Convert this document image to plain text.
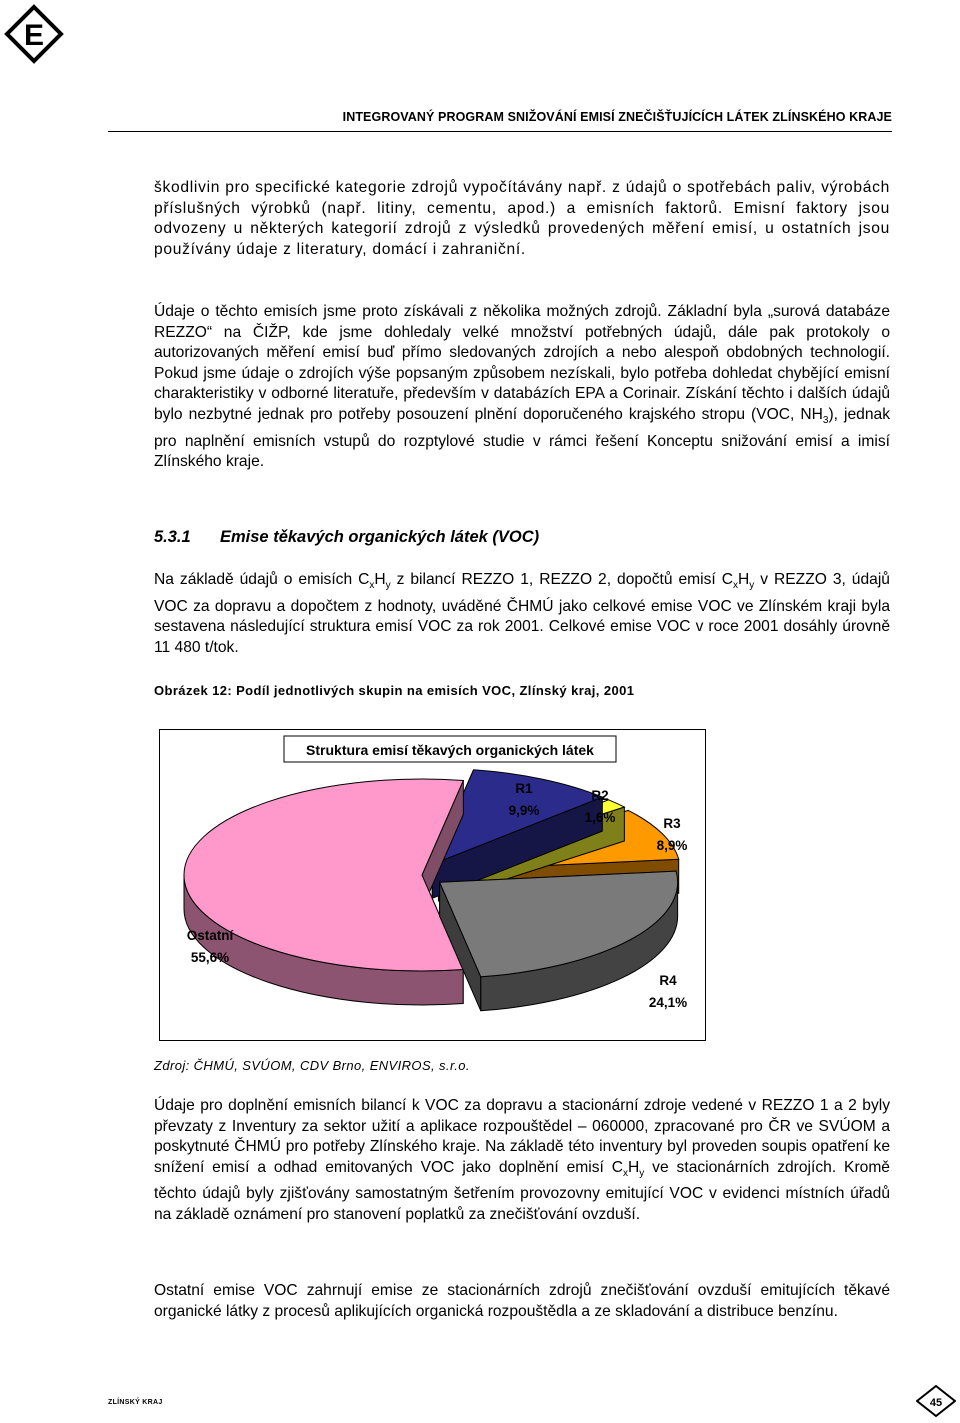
E
INTEGROVANÝ PROGRAM SNIŽOVÁNÍ EMISÍ ZNEČIŠŤUJÍCÍCH LÁTEK ZLÍNSKÉHO KRAJE

škodlivin pro specifické kategorie zdrojů vypočítávány např. z údajů o spotřebách paliv, výrobách příslušných výrobků (např. litiny, cementu, apod.) a emisních faktorů. Emisní faktory jsou odvozeny u některých kategorií zdrojů z výsledků provedených měření emisí, u ostatních jsou používány údaje z literatury, domácí i zahraniční.

Údaje o těchto emisích jsme proto získávali z několika možných zdrojů. Základní byla „surová databáze REZZO“ na ČIŽP, kde jsme dohledaly velké množství potřebných údajů, dále pak protokoly o autorizovaných měření emisí buď přímo sledovaných zdrojích a nebo alespoň obdobných technologií. Pokud jsme údaje o zdrojích výše popsaným způsobem nezískali, bylo potřeba dohledat chybějící emisní charakteristiky v odborné literatuře, především v databázích EPA a Corinair. Získání těchto i dalších údajů bylo nezbytné jednak pro potřeby posouzení plnění doporučeného krajského stropu (VOC, $NH_3$), jednak pro naplnění emisních vstupů do rozptylové studie v rámci řešení Konceptu snižování emisí a imisí Zlínského kraje.

5.3.1 Emise těkavých organických látek (VOC)

Na základě údajů o emisích $C_xH_y$ z bilancí REZZO 1, REZZO 2, dopočtů emisí $C_xH_y$ v REZZO 3, údajů VOC za dopravu a dopočtem z hodnoty, uváděné ČHMÚ jako celkové emise VOC ve Zlínském kraji byla sestavena následující struktura emisí VOC za rok 2001. Celkové emise VOC v roce 2001 dosáhly úrovně 11 480 t/tok.

Obrázek 12: Podíl jednotlivých skupin na emisích VOC, Zlínský kraj, 2001
Struktura emisí těkavých organických látek
R1
9,9%
R2
1,6%	R3
8,9%
R4
24,1%
Ostatní
55,6%
Zdroj: ČHMÚ, SVÚOM, CDV Brno, ENVIROS, s.r.o.

Údaje pro doplnění emisních bilancí k VOC za dopravu a stacionární zdroje vedené v REZZO 1 a 2 byly převzaty z Inventury za sektor užití a aplikace rozpouštědel – 060000, zpracované pro ČR ve SVÚOM a poskytnuté ČHMÚ pro potřeby Zlínského kraje. Na základě této inventury byl proveden soupis opatření ke snížení emisí a odhad emitovaných VOC jako doplnění emisí $C_xH_y$ ve stacionárních zdrojích. Kromě těchto údajů byly zjišťovány samostatným šetřením provozovny emitující VOC v evidenci místních úřadů na základě oznámení pro stanovení poplatků za znečišťování ovzduší.

Ostatní emise VOC zahrnují emise ze stacionárních zdrojů znečišťování ovzduší emitujících těkavé organické látky z procesů aplikujících organická rozpouštědla a ze skladování a distribuce benzínu.

ZLÍNSKÝ KRAJ	45
